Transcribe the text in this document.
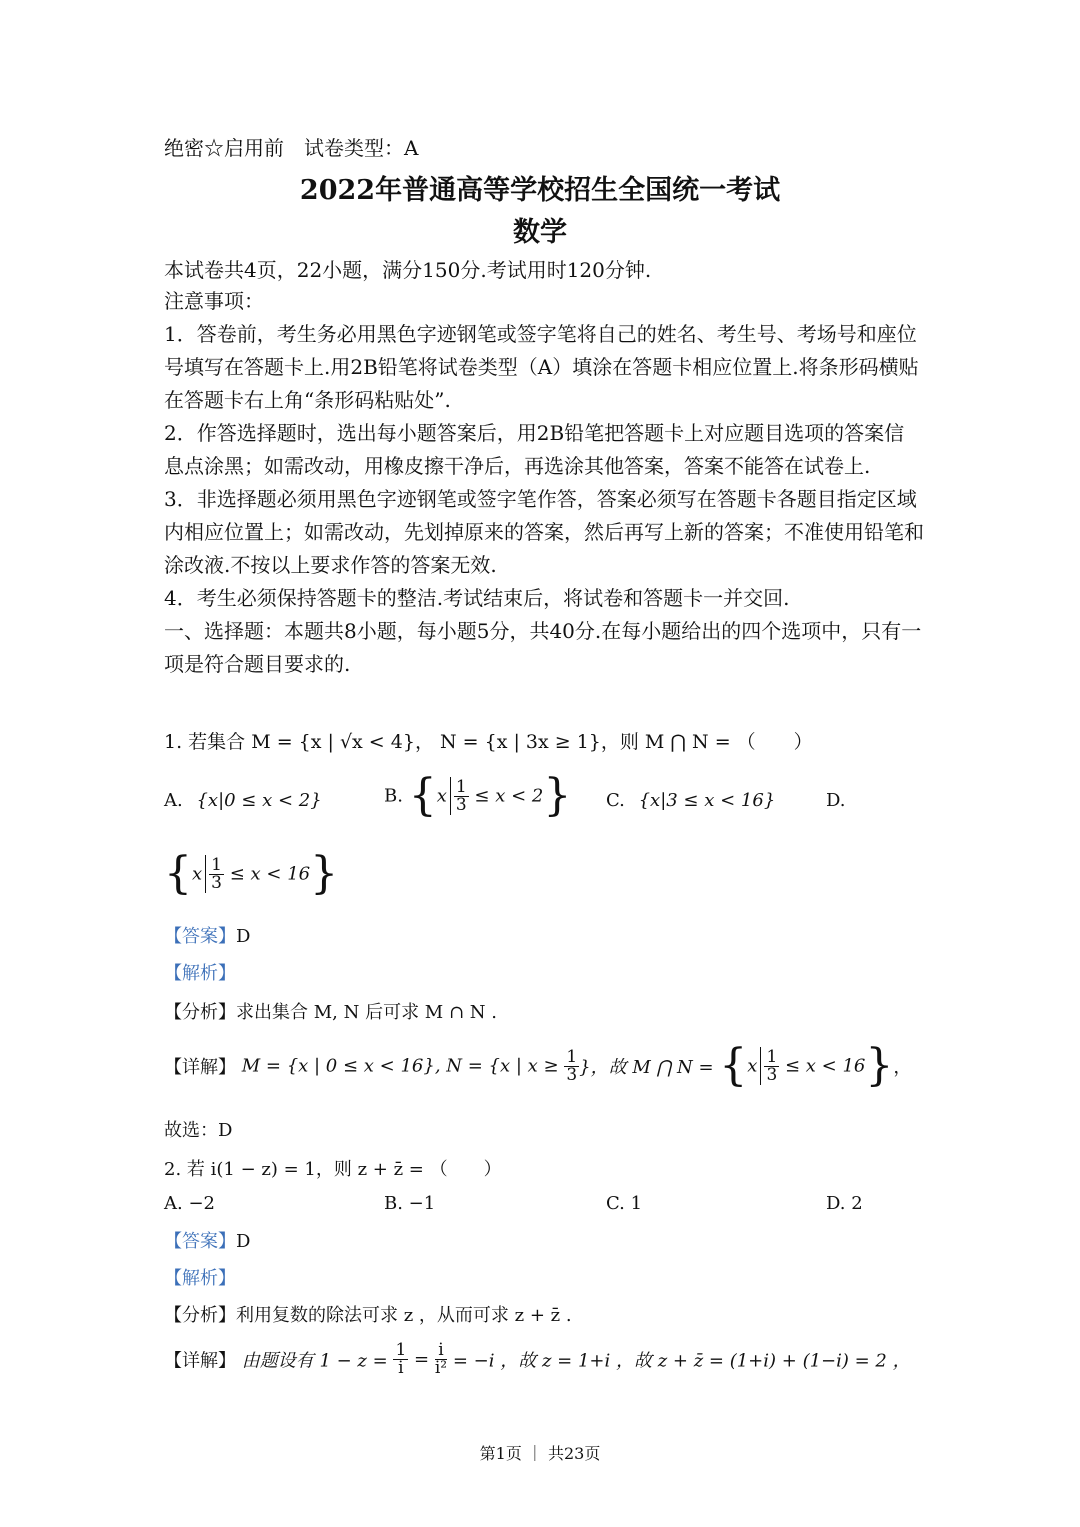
绝密☆启用前　试卷类型：A
2022年普通高等学校招生全国统一考试
数学
本试卷共4页，22小题，满分150分.考试用时120分钟.

注意事项：

1．答卷前，考生务必用黑色字迹钢笔或签字笔将自己的姓名、考生号、考场号和座位号填写在答题卡上.用2B铅笔将试卷类型（A）填涂在答题卡相应位置上.将条形码横贴在答题卡右上角“条形码粘贴处”.

2．作答选择题时，选出每小题答案后，用2B铅笔把答题卡上对应题目选项的答案信息点涂黑；如需改动，用橡皮擦干净后，再选涂其他答案，答案不能答在试卷上.

3．非选择题必须用黑色字迹钢笔或签字笔作答，答案必须写在答题卡各题目指定区域内相应位置上；如需改动，先划掉原来的答案，然后再写上新的答案；不准使用铅笔和涂改液.不按以上要求作答的答案无效.

4．考生必须保持答题卡的整洁.考试结束后，将试卷和答题卡一并交回.

一、选择题：本题共8小题，每小题5分，共40分.在每小题给出的四个选项中，只有一项是符合题目要求的.

1. 若集合 M = {x | √x < 4}， N = {x | 3x ≥ 1}，则 M ⋂ N = （　　）
A. {x|0 ≤ x < 2}	B. $\{x \frac{1}{3} \le x < 2\}$ C. {x|3 ≤ x < 16}	D.
$\{x \frac{1}{3} \le x < 16\}$
【答案】D
【解析】
【分析】求出集合 M, N 后可求 M ∩ N .
【详解】 M = {x | 0 ≤ x < 16}, N = {x | $x \ge \frac{1}{3}$ }，故 M ⋂ $N = \{x \frac{1}{3} \le x < 16\}$，
故选：D
2. 若 i(1 − z) = 1，则 z + z̄ = （　　）
A. −2	B. −1	C. 1	D. 2
【答案】D
【解析】
【分析】利用复数的除法可求 z ，从而可求 z + z̄ .
【详解】 由题设有 $1 - z = \frac{1}{i} = \frac{i}{\text{i²}} = -i$ ，故 z = 1+i ，故 z + z̄ = (1+i) + (1−i) = 2 ，
第1页 ｜ 共23页
